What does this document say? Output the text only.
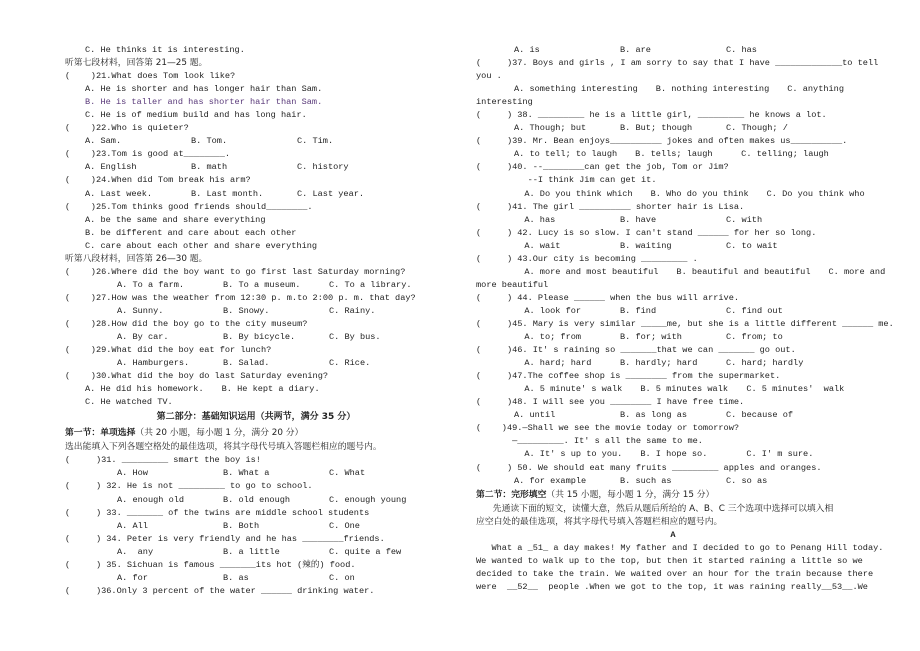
C. He thinks it is interesting.
听第七段材料，回答第 21—25 题。
(    )21.What does Tom look like?
A. He is shorter and has longer hair than Sam.
B. He is taller and has shorter hair than Sam.
C. He is of medium build and has long hair.
(    )22.Who is quieter?
A. Sam.	B. Tom.	C. Tim.
(    )23.Tom is good at________.
A. English	B. math	C. history
(    )24.When did Tom break his arm?
A. Last week.	B. Last month.	C. Last year.
(    )25.Tom thinks good friends should________.
A. be the same and share everything
B. be different and care about each other
C. care about each other and share everything
听第八段材料，回答第 26—30 题。
(    )26.Where did the boy want to go first last Saturday morning?
A. To a farm.	B. To a museum.	C. To a library.
(    )27.How was the weather from 12:30 p. m.to 2:00 p. m. that day?
A. Sunny.	B. Snowy.	C. Rainy.
(    )28.How did the boy go to the city museum?
A. By car.	B. By bicycle.	C. By bus.
(    )29.What did the boy eat for lunch?
A. Hamburgers.	B. Salad.	C. Rice.
(    )30.What did the boy do last Saturday evening?
A. He did his homework. B. He kept a diary.
C. He watched TV.
第二部分：基础知识运用（共两节，满分 35 分）
第一节：单项选择（共 20 小题，每小题 1 分，满分 20 分）
选出能填入下列各题空格处的最佳选项，将其字母代号填入答题栏相应的题号内。
(     )31. _________ smart the boy is!
A. How	B. What a	C. What
(     ) 32. He is not _________ to go to school.
A. enough old	B. old enough	C. enough young
(     ) 33. _______ of the twins are middle school students
A. All	B. Both	C. One
(     ) 34. Peter is very friendly and he has ________friends.
A.  any	B. a little	C. quite a few
(     ) 35. Sichuan is famous _______its hot (辣的) food.
A. for	B. as	C. on
(     )36.Only 3 percent of the water ______ drinking water.
A. is	B. are	C. has
(     )37. Boys and girls , I am sorry to say that I have _____________to tell
you .
A. something interesting B. nothing interesting C. anything
interesting
(     ) 38. _________ he is a little girl, _________ he knows a lot.
A. Though; but	B. But; though	C. Though; /
(     )39. Mr. Bean enjoys__________ jokes and often makes us__________.
A. to tell; to laugh B. tells; laugh	C. telling; laugh
(     )40. --________can get the job, Tom or Jim?
--I think Jim can get it.
A. Do you think which B. Who do you think C. Do you think who
(     )41. The girl __________ shorter hair is Lisa.
A. has	B. have	C. with
(     ) 42. Lucy is so slow. I can't stand ______ for her so long.
A. wait	B. waiting	C. to wait
(     ) 43.Our city is becoming _________ .
A. more and most beautiful B. beautiful and beautiful C. more and
more beautiful
(     ) 44. Please ______ when the bus will arrive.
A. look for	B. find	C. find out
(     )45. Mary is very similar _____me, but she is a little different ______ me.
A. to; from	B. for; with	C. from; to
(     )46. It' s raining so _______that we can _______ go out.
A. hard; hard	B. hardly; hard	C. hard; hardly
(     )47.The coffee shop is ________ from the supermarket.
A. 5 minute' s walk B. 5 minutes walk C. 5 minutes'  walk
(     )48. I will see you ________ I have free time.
A. until	B. as long as	C. because of
(    )49.—Shall we see the movie today or tomorrow?
—_________. It' s all the same to me.
A. It' s up to you. B. I hope so.	C. I' m sure.
(     ) 50. We should eat many fruits _________ apples and oranges.
A. for example	B. such as	C. so as
第二节：完形填空（共 15 小题，每小题 1 分，满分 15 分）
先通读下面的短文，读懂大意，然后从题后所给的 A、B、C 三个选项中选择可以填入相
应空白处的最佳选项，将其字母代号填入答题栏相应的题号内。
A
What a _51_ a day makes! My father and I decided to go to Penang Hill today.
We wanted to walk up to the top, but then it started raining a little so we
decided to take the train. We waited over an hour for the train because there
were  __52__  people .When we got to the top, it was raining really__53__.We
